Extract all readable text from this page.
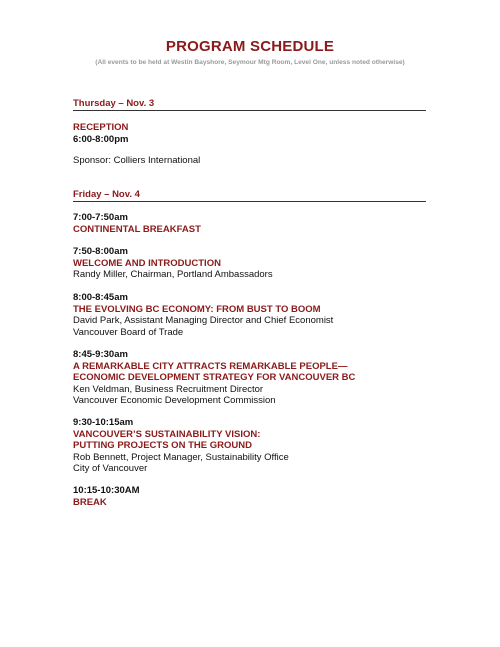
PROGRAM SCHEDULE
(All events to be held at Westin Bayshore, Seymour Mtg Room, Level One, unless noted otherwise)
Thursday – Nov. 3
RECEPTION
6:00-8:00pm
Sponsor: Colliers International
Friday – Nov. 4
7:00-7:50am
CONTINENTAL BREAKFAST
7:50-8:00am
WELCOME AND INTRODUCTION
Randy Miller, Chairman, Portland Ambassadors
8:00-8:45am
THE EVOLVING BC ECONOMY: FROM BUST TO BOOM
David Park, Assistant Managing Director and Chief Economist
Vancouver Board of Trade
8:45-9:30am
A REMARKABLE CITY ATTRACTS REMARKABLE PEOPLE—
ECONOMIC DEVELOPMENT STRATEGY FOR VANCOUVER BC
Ken Veldman, Business Recruitment Director
Vancouver Economic Development Commission
9:30-10:15am
VANCOUVER’S SUSTAINABILITY VISION:
PUTTING PROJECTS ON THE GROUND
Rob Bennett, Project Manager, Sustainability Office
City of Vancouver
10:15-10:30AM
BREAK
